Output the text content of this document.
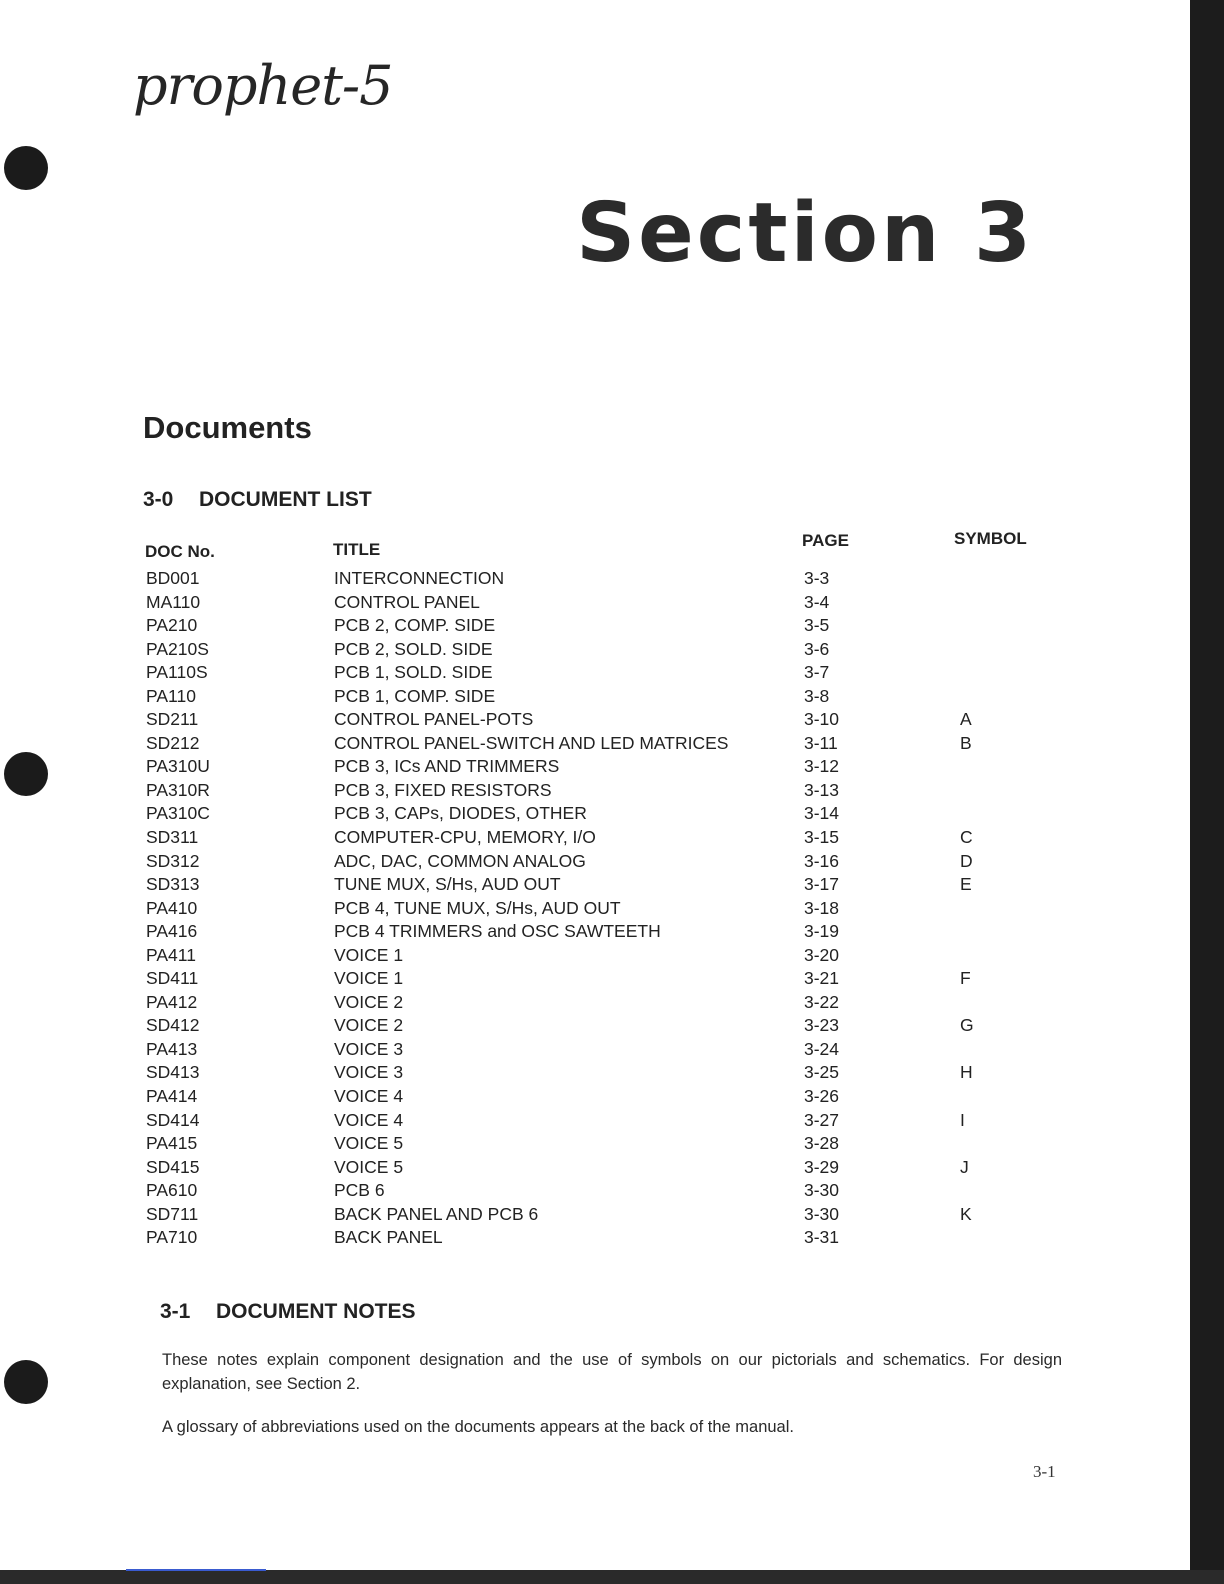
prophet-5
Section 3
Documents
3-0 DOCUMENT LIST
DOC No.	TITLE	PAGE	SYMBOL
BD001	INTERCONNECTION	3-3
MA110	CONTROL PANEL	3-4
PA210	PCB 2, COMP. SIDE	3-5
PA210S	PCB 2, SOLD. SIDE	3-6
PA110S	PCB 1, SOLD. SIDE	3-7
PA110	PCB 1, COMP. SIDE	3-8
SD211	CONTROL PANEL-POTS	3-10	A
SD212	CONTROL PANEL-SWITCH AND LED MATRICES	3-11	B
PA310U	PCB 3, ICs AND TRIMMERS	3-12
PA310R	PCB 3, FIXED RESISTORS	3-13
PA310C	PCB 3, CAPs, DIODES, OTHER	3-14
SD311	COMPUTER-CPU, MEMORY, I/O	3-15	C
SD312	ADC, DAC, COMMON ANALOG	3-16	D
SD313	TUNE MUX, S/Hs, AUD OUT	3-17	E
PA410	PCB 4, TUNE MUX, S/Hs, AUD OUT	3-18
PA416	PCB 4 TRIMMERS and OSC SAWTEETH	3-19
PA411	VOICE 1	3-20
SD411	VOICE 1	3-21	F
PA412	VOICE 2	3-22
SD412	VOICE 2	3-23	G
PA413	VOICE 3	3-24
SD413	VOICE 3	3-25	H
PA414	VOICE 4	3-26
SD414	VOICE 4	3-27	I
PA415	VOICE 5	3-28
SD415	VOICE 5	3-29	J
PA610	PCB 6	3-30
SD711	BACK PANEL AND PCB 6	3-30	K
PA710	BACK PANEL	3-31
3-1 DOCUMENT NOTES
These notes explain component designation and the use of symbols on our pictorials and schematics. For design explanation, see Section 2.
A glossary of abbreviations used on the documents appears at the back of the manual.
3-1
